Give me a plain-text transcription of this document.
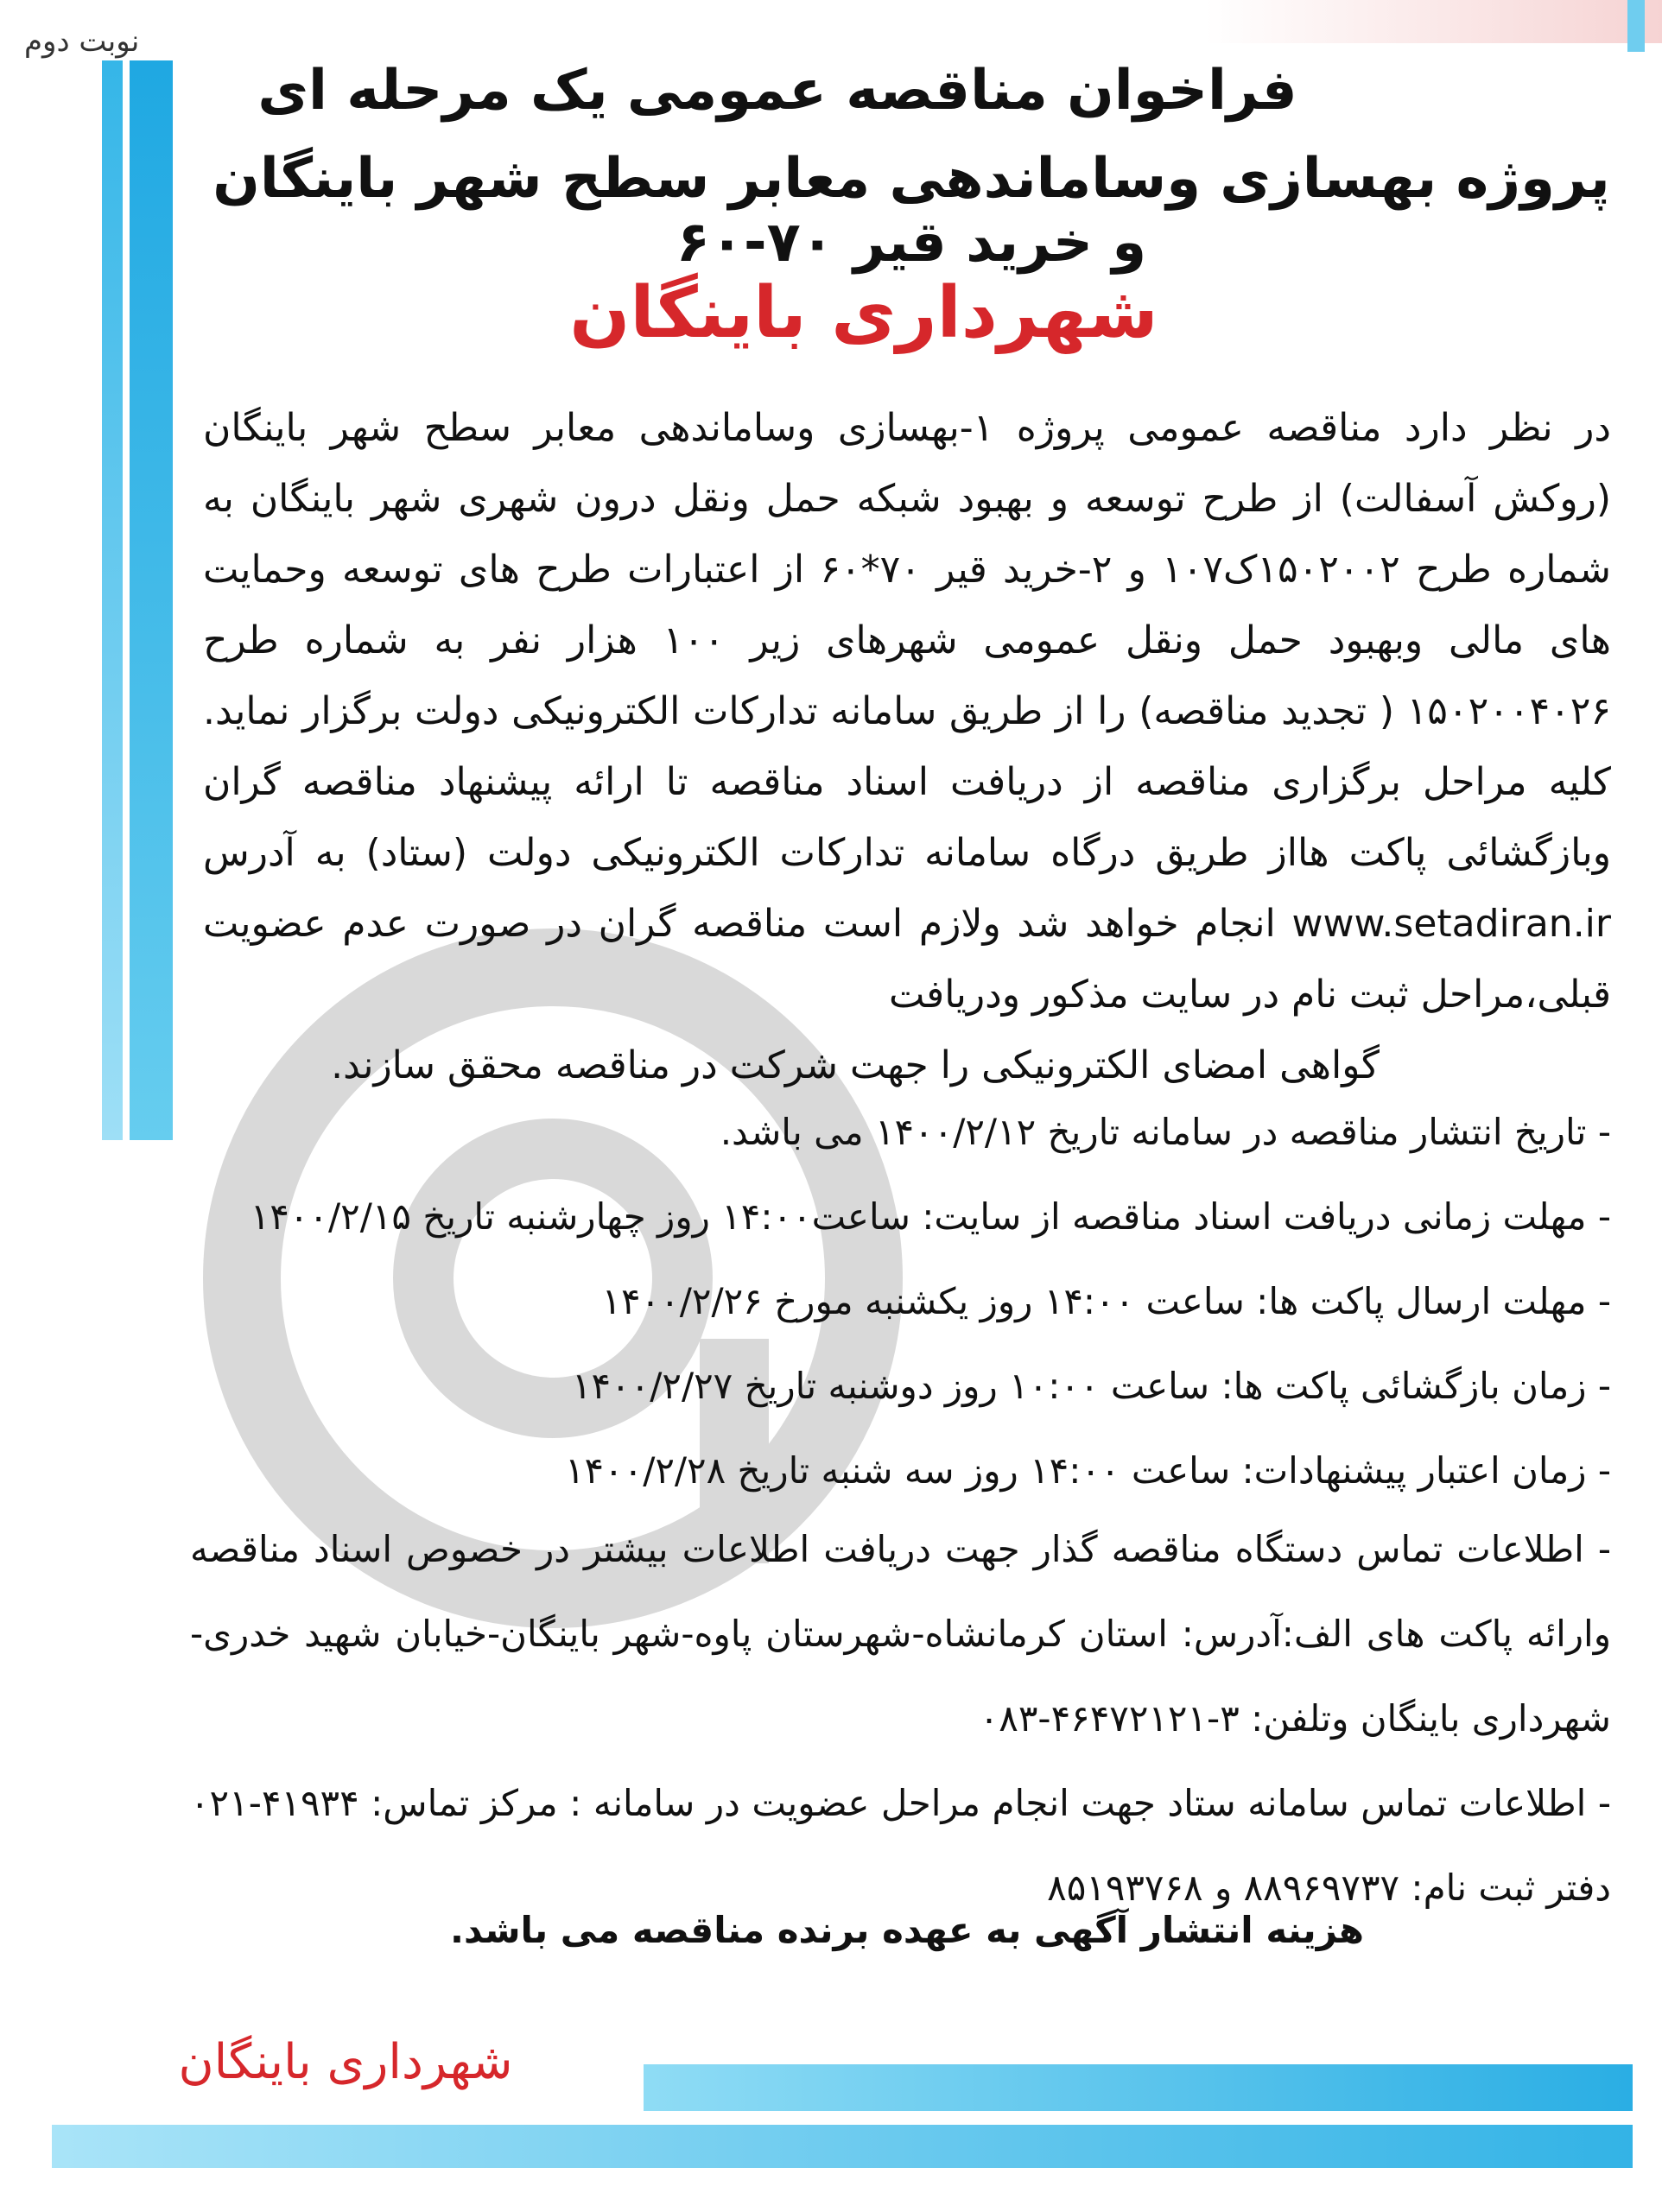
نوبت دوم
فراخوان مناقصه عمومی یک مرحله ای
پروژه بهسازی وساماندهی معابر سطح شهر باینگان و خرید قیر ۷۰-۶۰
شهرداری باینگان

در نظر دارد مناقصه عمومی پروژه ۱-بهسازی وساماندهی معابر سطح شهر باینگان (روکش آسفالت) از طرح توسعه و بهبود شبکه حمل ونقل درون شهری شهر باینگان به شماره طرح ۱۵۰۲۰۰۲ک۱۰۷ و ۲-خرید قیر ۷۰*۶۰ از اعتبارات طرح های توسعه وحمایت های مالی وبهبود حمل ونقل عمومی شهرهای زیر ۱۰۰ هزار نفر به شماره طرح ۱۵۰۲۰۰۴۰۲۶ ( تجدید مناقصه) را از طریق سامانه تدارکات الکترونیکی دولت برگزار نماید. کلیه مراحل برگزاری مناقصه از دریافت اسناد مناقصه تا ارائه پیشنهاد مناقصه گران وبازگشائی پاکت هااز طریق درگاه سامانه تدارکات الکترونیکی دولت (ستاد) به آدرس www.setadiran.ir انجام خواهد شد ولازم است مناقصه گران در صورت عدم عضویت قبلی،مراحل ثبت نام در سایت مذکور ودریافت

گواهی امضای الکترونیکی را جهت شرکت در مناقصه محقق سازند.

- تاریخ انتشار مناقصه در سامانه تاریخ ۱۴۰۰/۲/۱۲ می باشد.
- مهلت زمانی دریافت اسناد مناقصه از سایت: ساعت۱۴:۰۰ روز چهارشنبه تاریخ ۱۴۰۰/۲/۱۵
- مهلت ارسال پاکت ها: ساعت ۱۴:۰۰ روز یکشنبه مورخ ۱۴۰۰/۲/۲۶
- زمان بازگشائی پاکت ها: ساعت ۱۰:۰۰ روز دوشنبه تاریخ ۱۴۰۰/۲/۲۷
- زمان اعتبار پیشنهادات: ساعت ۱۴:۰۰ روز سه شنبه تاریخ ۱۴۰۰/۲/۲۸

- اطلاعات تماس دستگاه مناقصه گذار جهت دریافت اطلاعات بیشتر در خصوص اسناد مناقصه وارائه پاکت های الف:آدرس: استان کرمانشاه-شهرستان پاوه-شهر باینگان-خیابان شهید خدری-شهرداری باینگان وتلفن: ۳-۴۶۴۷۲۱۲۱-۰۸۳

- اطلاعات تماس سامانه ستاد جهت انجام مراحل عضویت در سامانه : مرکز تماس: ۴۱۹۳۴-۰۲۱ دفتر ثبت نام: ۸۸۹۶۹۷۳۷ و ۸۵۱۹۳۷۶۸

هزینه انتشار آگهی به عهده برنده مناقصه می باشد.
شهرداری باینگان
